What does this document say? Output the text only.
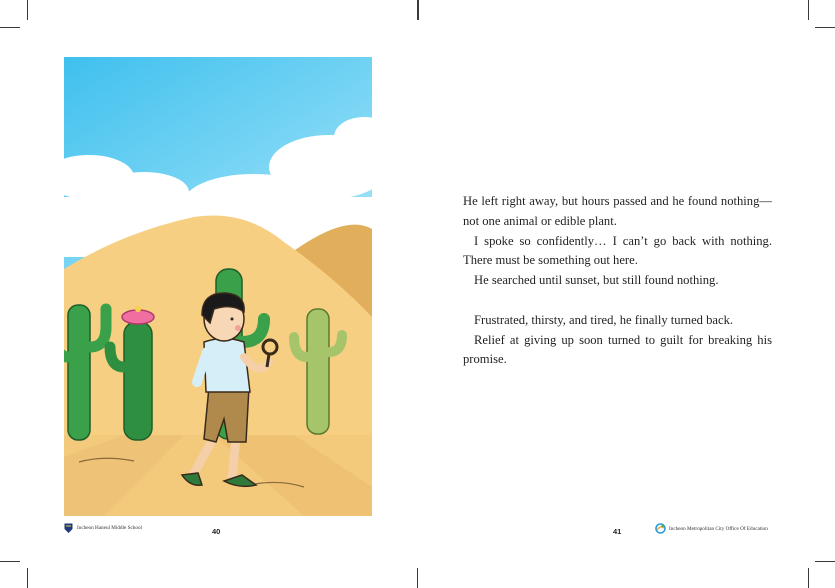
He left right away, but hours passed and he found nothing—not one animal or edible plant.

I spoke so confidently… I can’t go back with nothing. There must be something out here.

He searched until sunset, but still found nothing.

Frustrated, thirsty, and tired, he finally turned back.

Relief at giving up soon turned to guilt for breaking his promise.

Incheon Haneul Middle School	40	41	Incheon Metropolitan City Office Of Education
